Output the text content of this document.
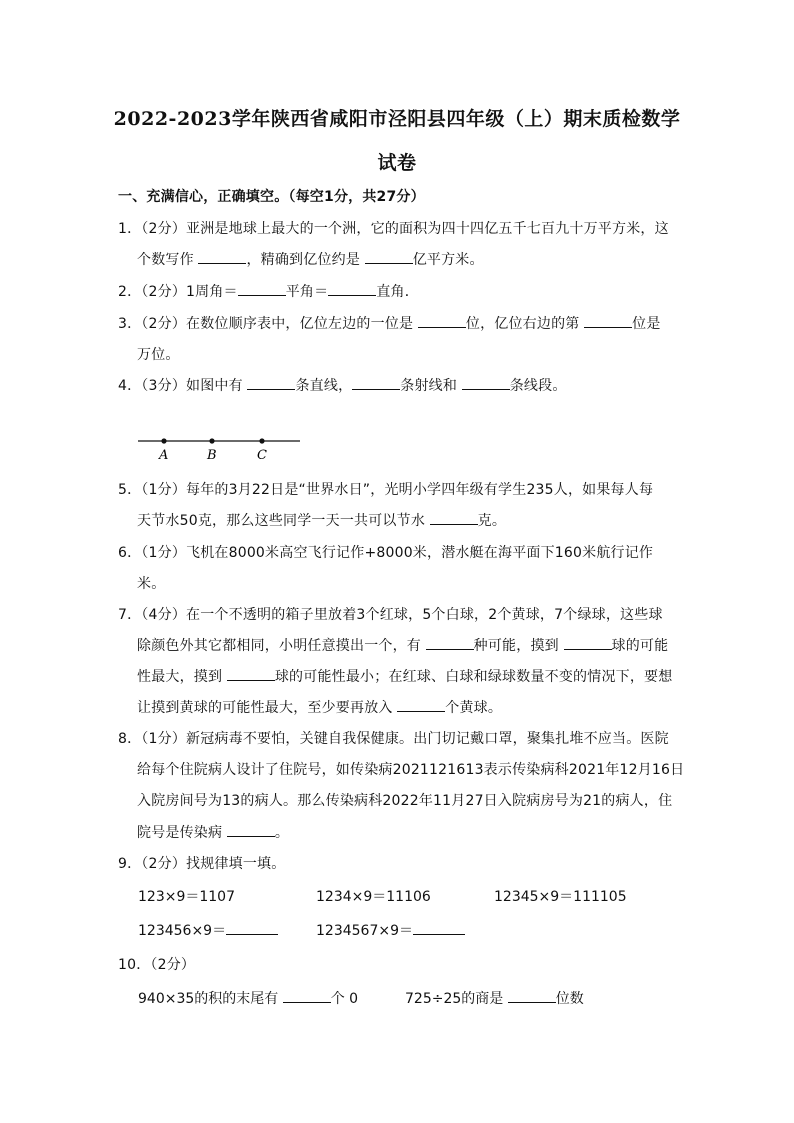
2022-2023学年陕西省咸阳市泾阳县四年级（上）期末质检数学
试卷
一、充满信心，正确填空。（每空1分，共27分）
1．（2分）亚洲是地球上最大的一个洲，它的面积为四十四亿五千七百九十万平方米，这
个数写作	，精确到亿位约是	亿平方米。
2．（2分）1周角＝	平角＝	直角．
3．（2分）在数位顺序表中，亿位左边的一位是	位，亿位右边的第	位是
万位。
4．（3分）如图中有	条直线，	条射线和	条线段。
A	B	C
5．（1分）每年的3月22日是“世界水日”，光明小学四年级有学生235人，如果每人每
天节水50克，那么这些同学一天一共可以节水	克。
6．（1分）飞机在8000米高空飞行记作+8000米，潜水艇在海平面下160米航行记作
米。
7．（4分）在一个不透明的箱子里放着3个红球，5个白球，2个黄球，7个绿球，这些球
除颜色外其它都相同，小明任意摸出一个，有	种可能，摸到	球的可能
性最大，摸到	球的可能性最小；在红球、白球和绿球数量不变的情况下，要想
让摸到黄球的可能性最大，至少要再放入	个黄球。
8．（1分）新冠病毒不要怕，关键自我保健康。出门切记戴口罩，聚集扎堆不应当。医院
给每个住院病人设计了住院号，如传染病2021121613表示传染病科2021年12月16日
入院房间号为13的病人。那么传染病科2022年11月27日入院病房号为21的病人，住
院号是传染病	。
9．（2分）找规律填一填。
123×9＝1107	1234×9＝11106	12345×9＝111105
123456×9＝	1234567×9＝
10．（2分）
940×35的积的末尾有	个 0	725÷25的商是	位数
